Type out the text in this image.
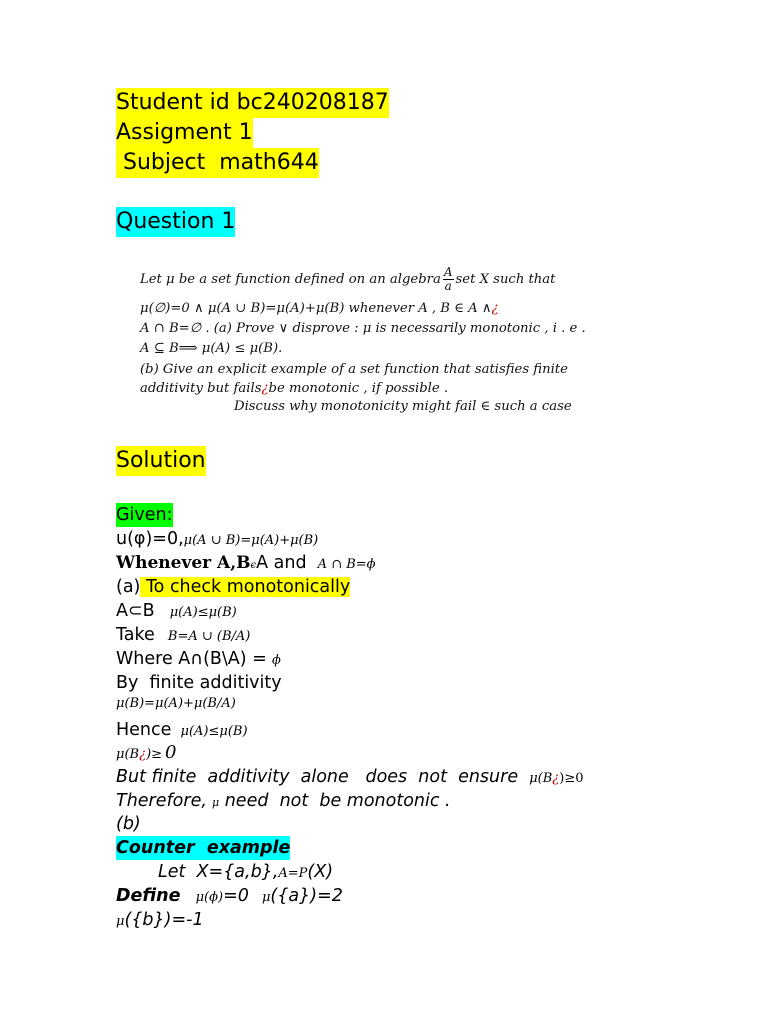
Student id bc240208187
Assigment 1
Subject  math644
Question 1
Let μ be a set function defined on an algebra $\frac{A}{a}$ set X such that
μ(∅)=0 ∧ μ(A ∪ B)=μ(A)+μ(B) whenever A , B ∈ A ∧¿
A ∩ B=∅ . (a) Prove ∨ disprove : μ is necessarily monotonic , i . e .
A ⊆ B⟹ μ(A) ≤ μ(B).
(b) Give an explicit example of a set function that satisfies finite
additivity but fails¿be monotonic , if possible .
Discuss why monotonicity might fail ∈ such a case
Solution
Given:
u(φ)=0,μ(A ∪ B)=μ(A)+μ(B)
Whenever A,BϵA and A ∩ B=ϕ
(a) To check monotonically
A⊂B μ(A)≤μ(B)
Take B=A ∪ (B/A)
Where A∩(B\A) = ϕ
By  finite additivity
μ(B)=μ(A)+μ(B/A)
Hence μ(A)≤μ(B)
μ(B¿)≥ 0
But finite  additivity  alone   does  not  ensure μ(B¿)≥0
Therefore, μ need  not  be monotonic .
(b)
Counter  example
Let  X={a,b},A=P(X)
Define μ(ϕ)=0 μ({a})=2
μ({b})=-1
